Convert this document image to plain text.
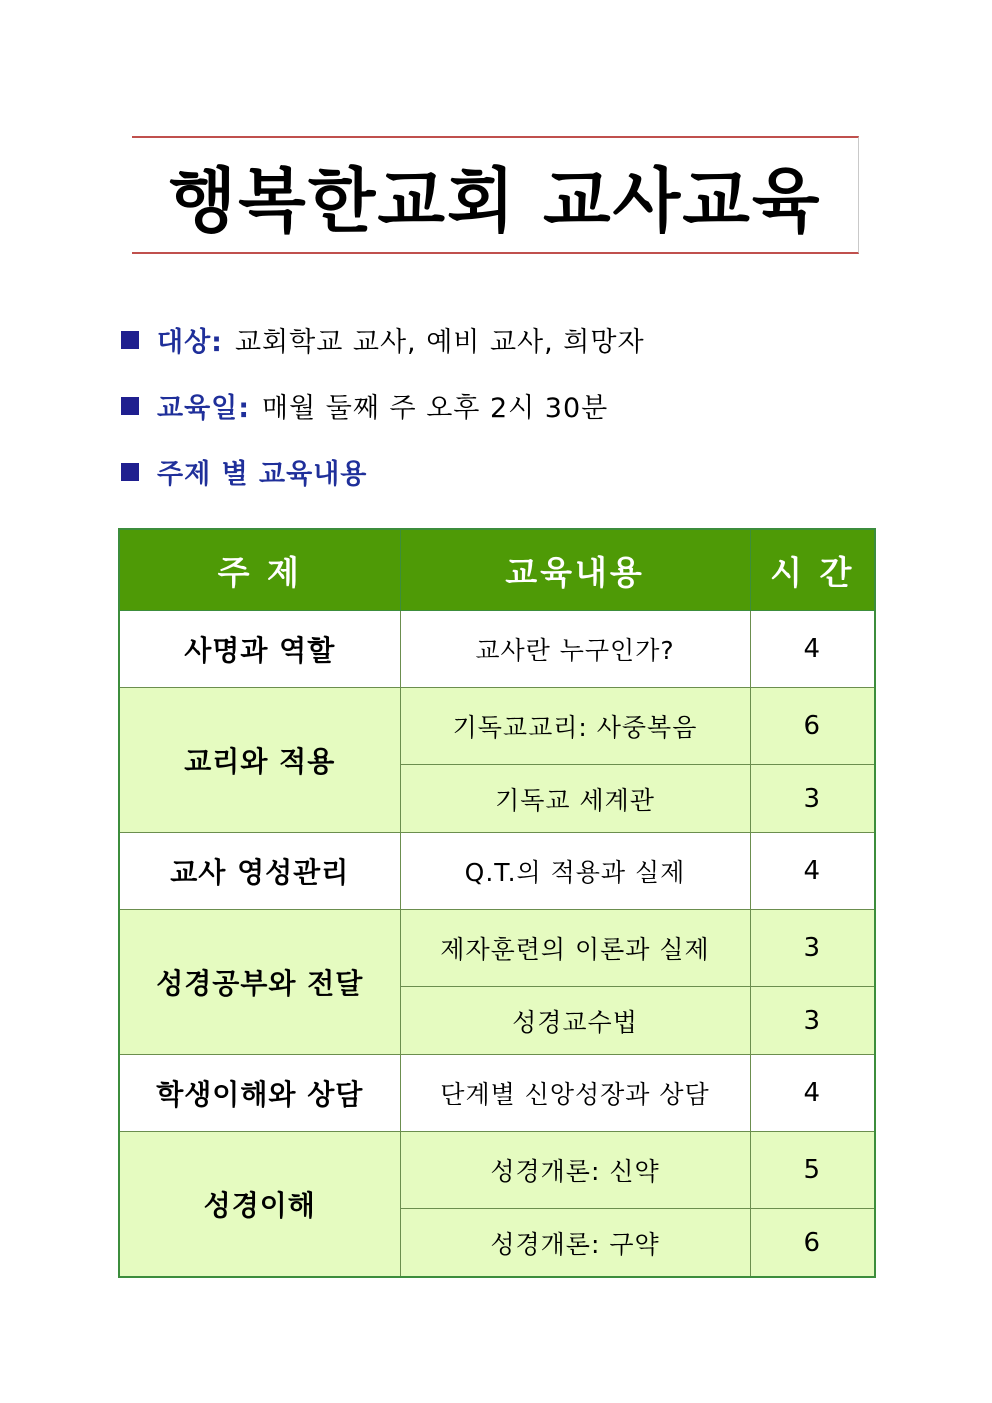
행복한교회 교사교육
대상: 교회학교 교사, 예비 교사, 희망자
교육일: 매월 둘째 주 오후 2시 30분
주제 별 교육내용
주 제	교육내용	시 간
사명과 역할	교사란 누구인가?	4
교리와 적용	기독교교리: 사중복음	6
	기독교 세계관	3
교사 영성관리	Q.T.의 적용과 실제	4
성경공부와 전달	제자훈련의 이론과 실제	3
	성경교수법	3
학생이해와 상담	단계별 신앙성장과 상담	4
성경이해	성경개론: 신약	5
	성경개론: 구약	6
